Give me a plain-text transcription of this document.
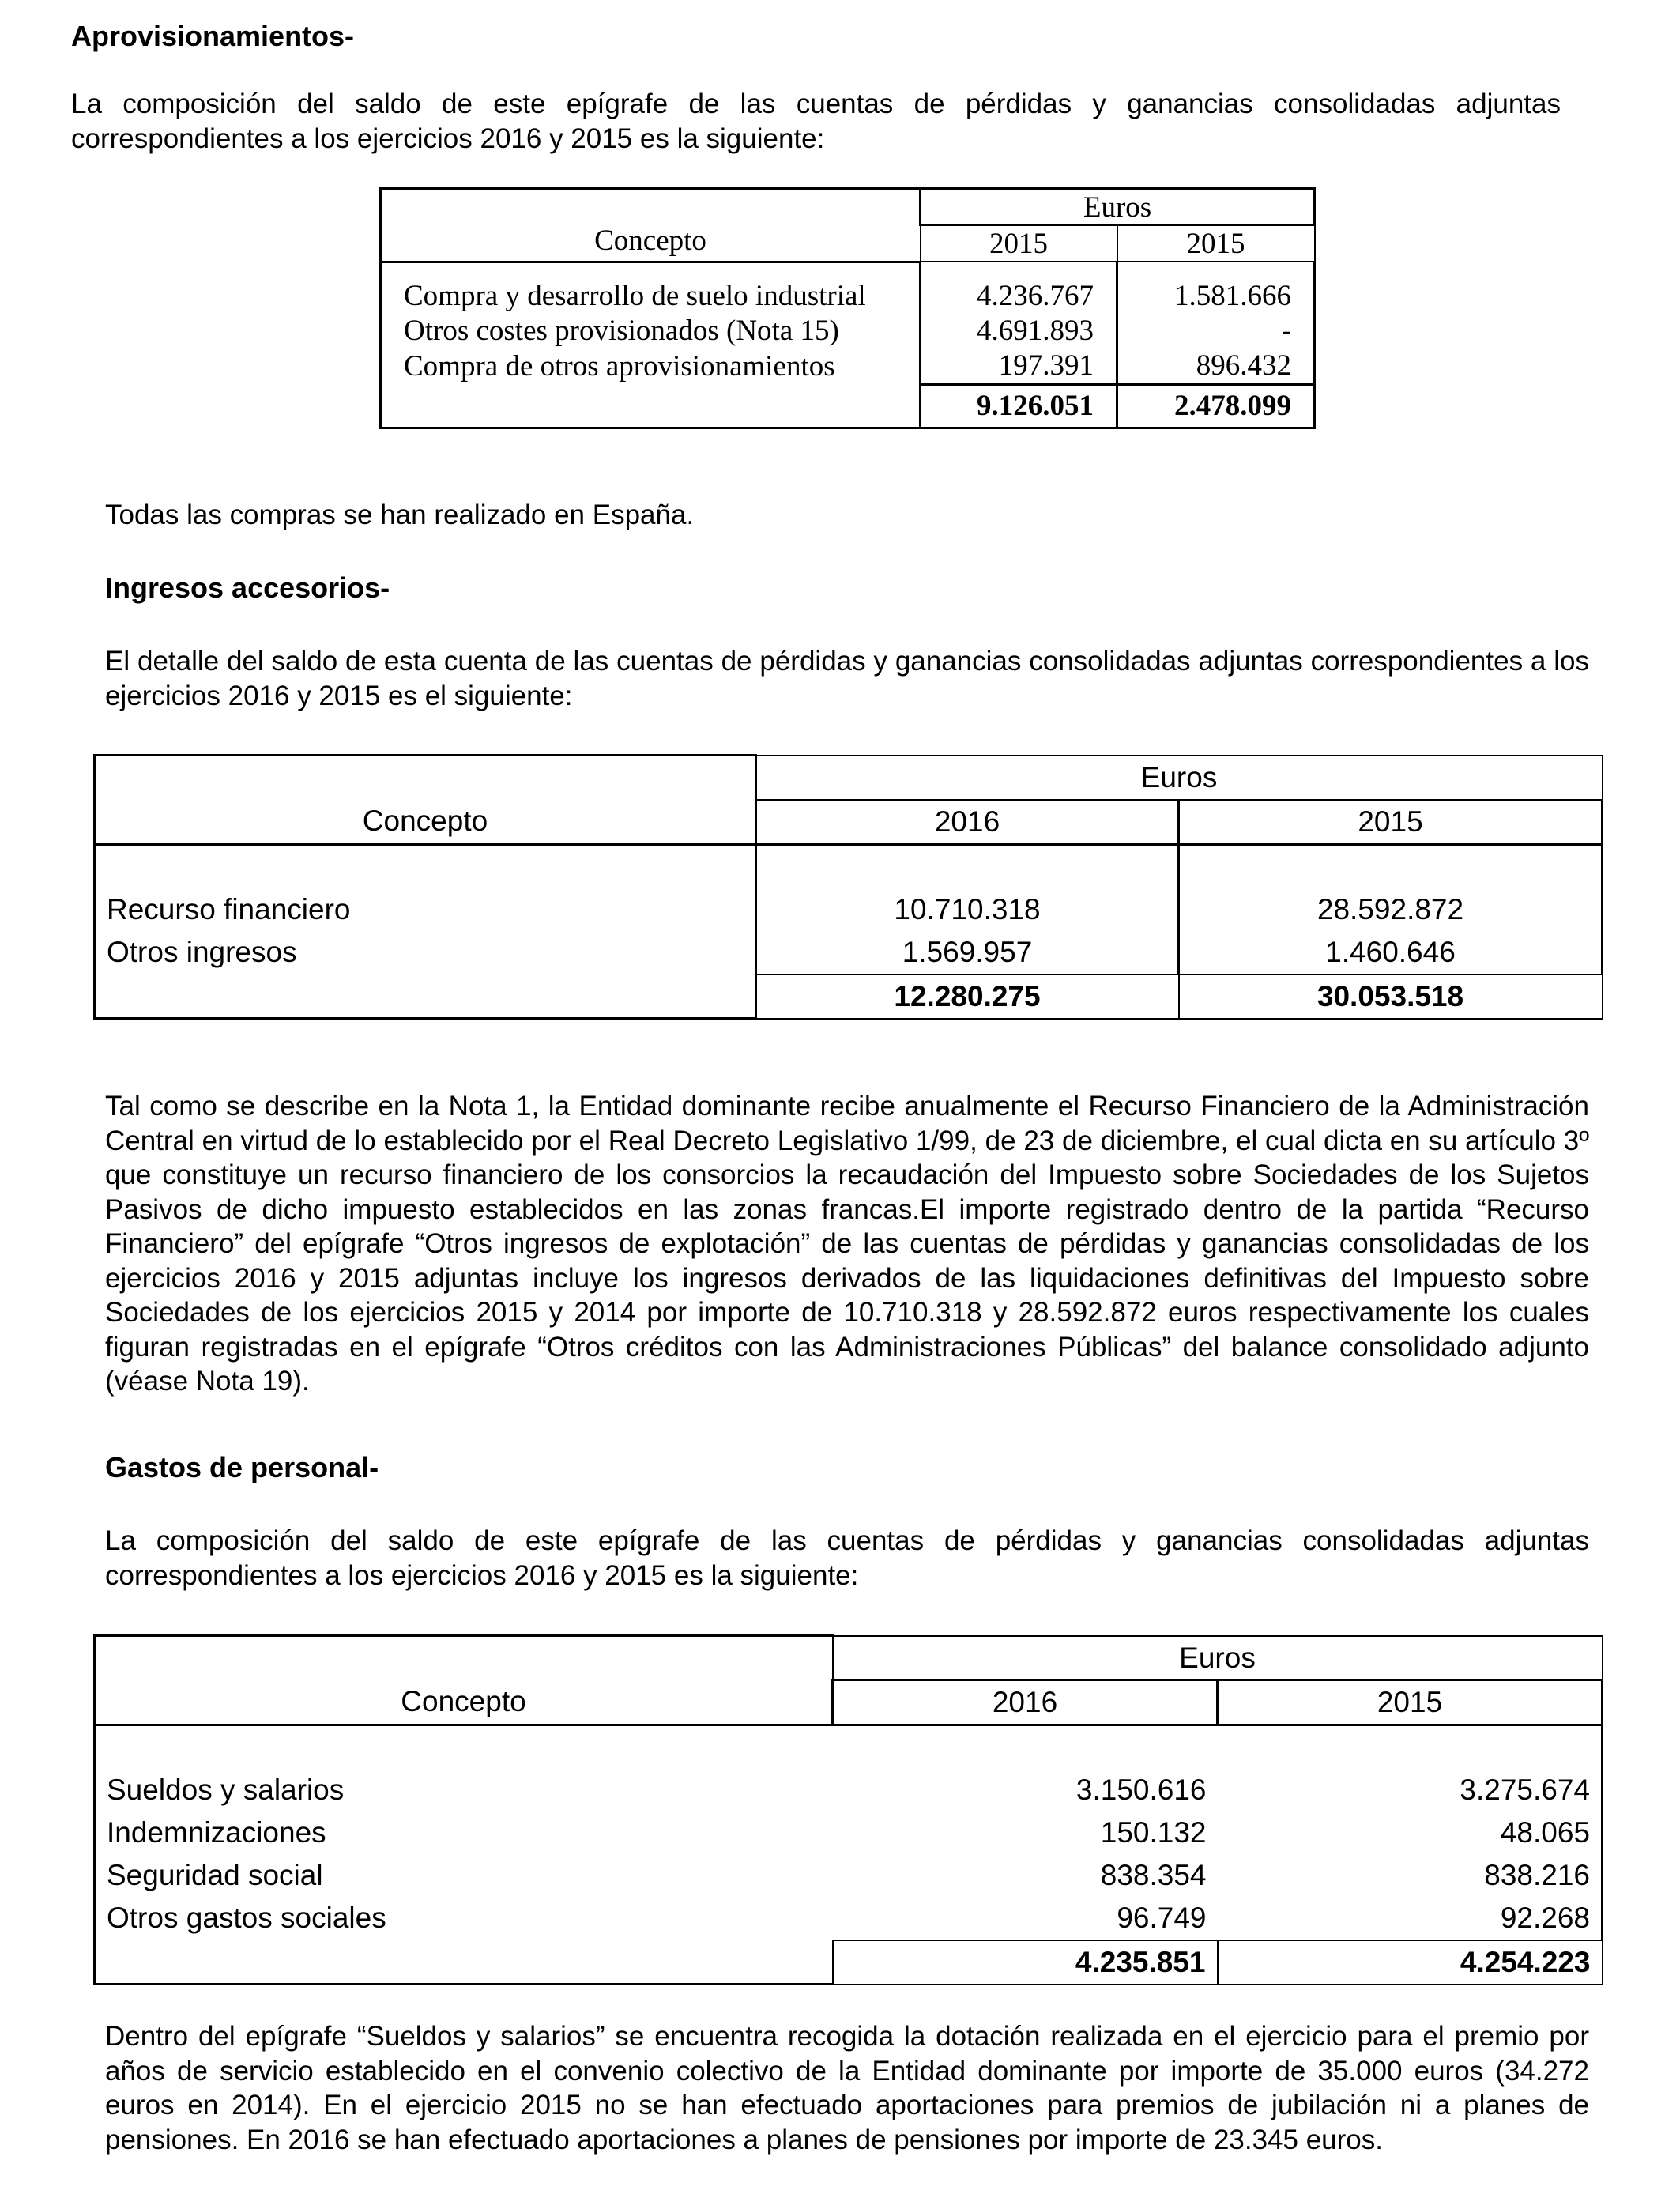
Aprovisionamientos-

La composición del saldo de este epígrafe de las cuentas de pérdidas y ganancias consolidadas adjuntas correspondientes a los ejercicios 2016 y 2015 es la siguiente:

Concepto	Euros	
	2015	2015

Compra y desarrollo de suelo industrial	4.236.767	1.581.666
Otros costes provisionados (Nota 15)	4.691.893	-
Compra de otros aprovisionamientos	197.391	896.432
	9.126.051	2.478.099

Todas las compras se han realizado en España.

Ingresos accesorios-

El detalle del saldo de esta cuenta de las cuentas de pérdidas y ganancias consolidadas adjuntas correspondientes a los ejercicios 2016 y 2015 es el siguiente:

	Euros	
Concepto	2016	2015

Recurso financiero	10.710.318	28.592.872
Otros ingresos	1.569.957	1.460.646
	12.280.275	30.053.518

Tal como se describe en la Nota 1, la Entidad dominante recibe anualmente el Recurso Financiero de la Administración Central en virtud de lo establecido por el Real Decreto Legislativo 1/99, de 23 de diciembre, el cual dicta en su artículo 3º que constituye un recurso financiero de los consorcios la recaudación del Impuesto sobre Sociedades de los Sujetos Pasivos de dicho impuesto establecidos en las zonas francas.El importe registrado dentro de la partida “Recurso Financiero” del epígrafe “Otros ingresos de explotación” de las cuentas de pérdidas y ganancias consolidadas de los ejercicios 2016 y 2015 adjuntas incluye los ingresos derivados de las liquidaciones definitivas del Impuesto sobre Sociedades de los ejercicios 2015 y 2014 por importe de 10.710.318 y 28.592.872 euros respectivamente los cuales figuran registradas en el epígrafe “Otros créditos con las Administraciones Públicas” del balance consolidado adjunto (véase Nota 19).

Gastos de personal-

La composición del saldo de este epígrafe de las cuentas de pérdidas y ganancias consolidadas adjuntas correspondientes a los ejercicios 2016 y 2015 es la siguiente:

	Euros	
Concepto	2016	2015

Sueldos y salarios	3.150.616	3.275.674
Indemnizaciones	150.132	48.065
Seguridad social	838.354	838.216
Otros gastos sociales	96.749	92.268
	4.235.851	4.254.223

Dentro del epígrafe “Sueldos y salarios” se encuentra recogida la dotación realizada en el ejercicio para el premio por años de servicio establecido en el convenio colectivo de la Entidad dominante por importe de 35.000 euros (34.272 euros en 2014). En el ejercicio 2015 no se han efectuado aportaciones para premios de jubilación ni a planes de pensiones. En 2016 se han efectuado aportaciones a planes de pensiones por importe de 23.345 euros.
